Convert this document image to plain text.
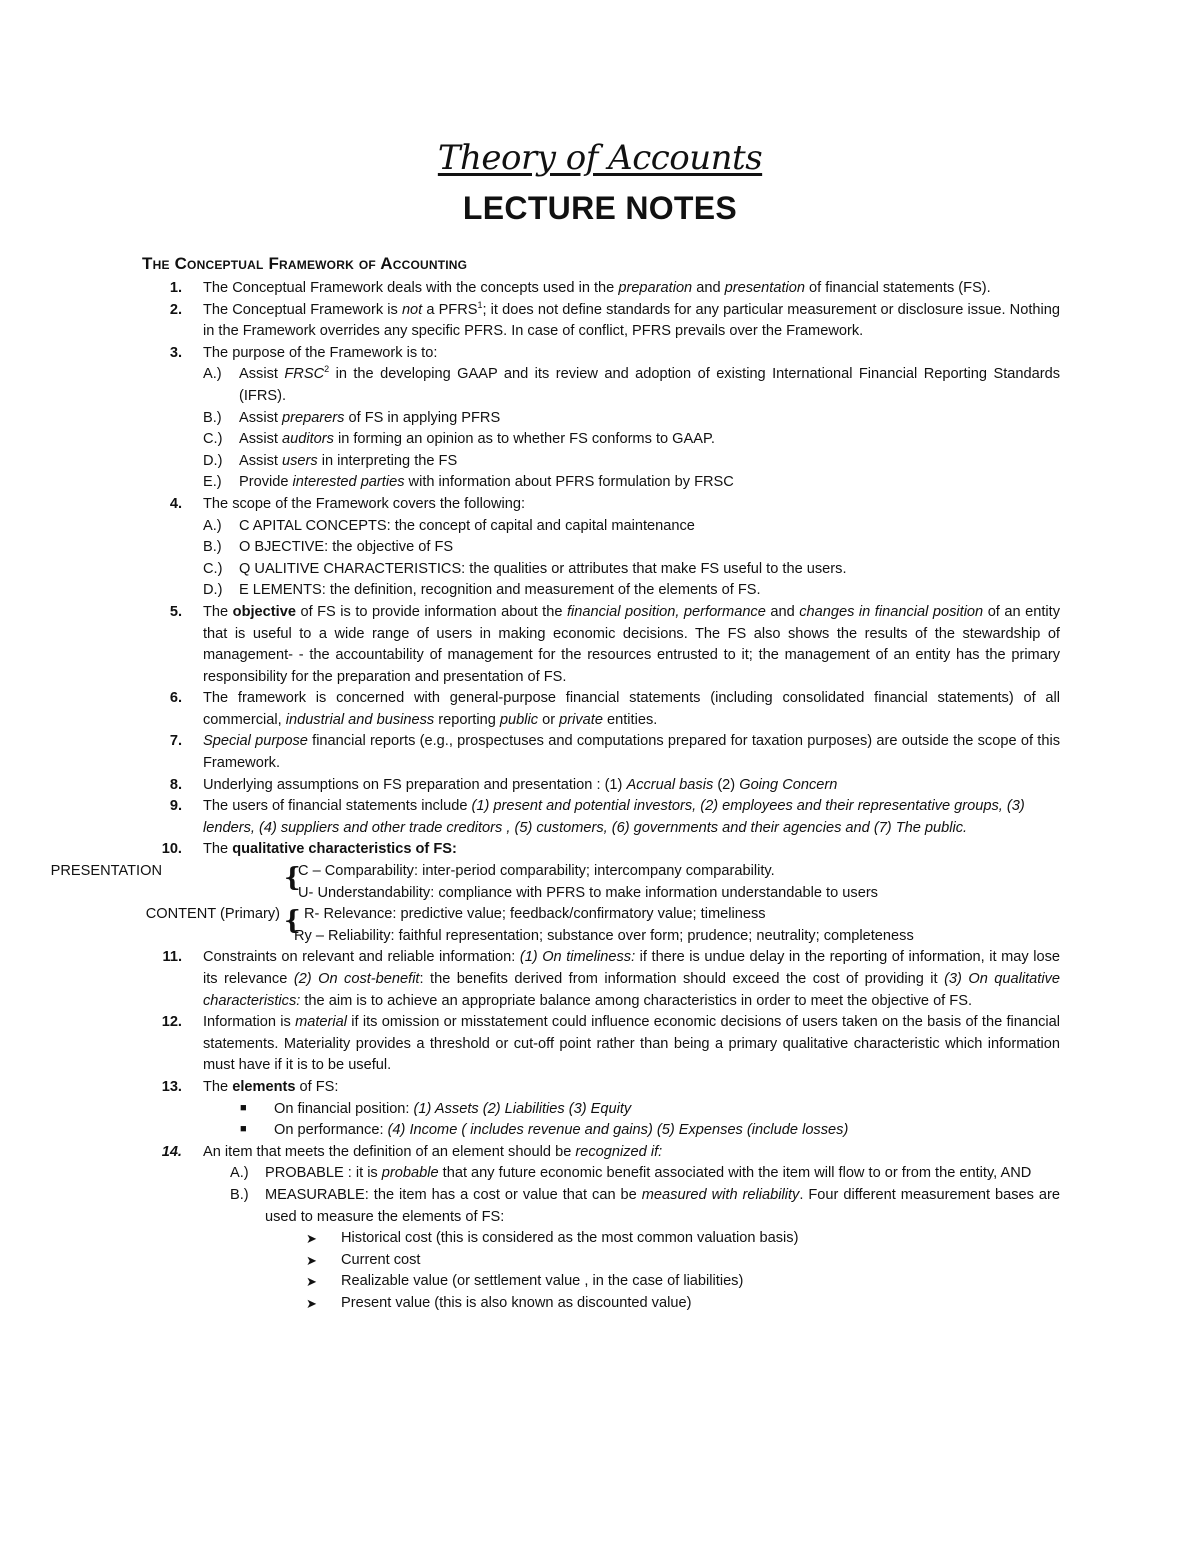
Theory of Accounts
LECTURE NOTES
The Conceptual Framework of Accounting
1. The Conceptual Framework deals with the concepts used in the preparation and presentation of financial statements (FS).
2. The Conceptual Framework is not a PFRS$^1$; it does not define standards for any particular measurement or disclosure issue. Nothing in the Framework overrides any specific PFRS. In case of conflict, PFRS prevails over the Framework.
3. The purpose of the Framework is to:
A.) Assist FRSC$^2$ in the developing GAAP and its review and adoption of existing International Financial Reporting Standards (IFRS).
B.) Assist preparers of FS in applying PFRS
C.) Assist auditors in forming an opinion as to whether FS conforms to GAAP.
D.) Assist users in interpreting the FS
E.) Provide interested parties with information about PFRS formulation by FRSC
4. The scope of the Framework covers the following:
A.) C APITAL CONCEPTS: the concept of capital and capital maintenance
B.) O BJECTIVE: the objective of FS
C.) Q UALITIVE CHARACTERISTICS: the qualities or attributes that make FS useful to the users.
D.) E LEMENTS: the definition, recognition and measurement of the elements of FS.
5. The objective of FS is to provide information about the financial position, performance and changes in financial position of an entity that is useful to a wide range of users in making economic decisions. The FS also shows the results of the stewardship of management- - the accountability of management for the resources entrusted to it; the management of an entity has the primary responsibility for the preparation and presentation of FS.
6. The framework is concerned with general-purpose financial statements (including consolidated financial statements) of all commercial, industrial and business reporting public or private entities.
7. Special purpose financial reports (e.g., prospectuses and computations prepared for taxation purposes) are outside the scope of this Framework.
8. Underlying assumptions on FS preparation and presentation : (1) Accrual basis (2) Going Concern
9. The users of financial statements include (1) present and potential investors, (2) employees and their representative groups, (3) lenders, (4) suppliers and other trade creditors , (5) customers, (6) governments and their agencies and (7) The public.
10. The qualitative characteristics of FS:
PRESENTATION	{
C – Comparability: inter-period comparability; intercompany comparability.
U- Understandability: compliance with PFRS to make information understandable to users
CONTENT (Primary) { R- Relevance: predictive value; feedback/confirmatory value; timeliness
Ry – Reliability: faithful representation; substance over form; prudence; neutrality; completeness
11. Constraints on relevant and reliable information: (1) On timeliness: if there is undue delay in the reporting of information, it may lose its relevance (2) On cost-benefit: the benefits derived from information should exceed the cost of providing it (3) On qualitative characteristics: the aim is to achieve an appropriate balance among characteristics in order to meet the objective of FS.
12. Information is material if its omission or misstatement could influence economic decisions of users taken on the basis of the financial statements. Materiality provides a threshold or cut-off point rather than being a primary qualitative characteristic which information must have if it is to be useful.
13. The elements of FS:
■ On financial position: (1) Assets (2) Liabilities (3) Equity
■ On performance: (4) Income ( includes revenue and gains) (5) Expenses (include losses)
14. An item that meets the definition of an element should be recognized if:
A.) PROBABLE : it is probable that any future economic benefit associated with the item will flow to or from the entity, AND
B.) MEASURABLE: the item has a cost or value that can be measured with reliability. Four different measurement bases are used to measure the elements of FS:
➤ Historical cost (this is considered as the most common valuation basis)
➤ Current cost
➤ Realizable value (or settlement value , in the case of liabilities)
➤ Present value (this is also known as discounted value)
